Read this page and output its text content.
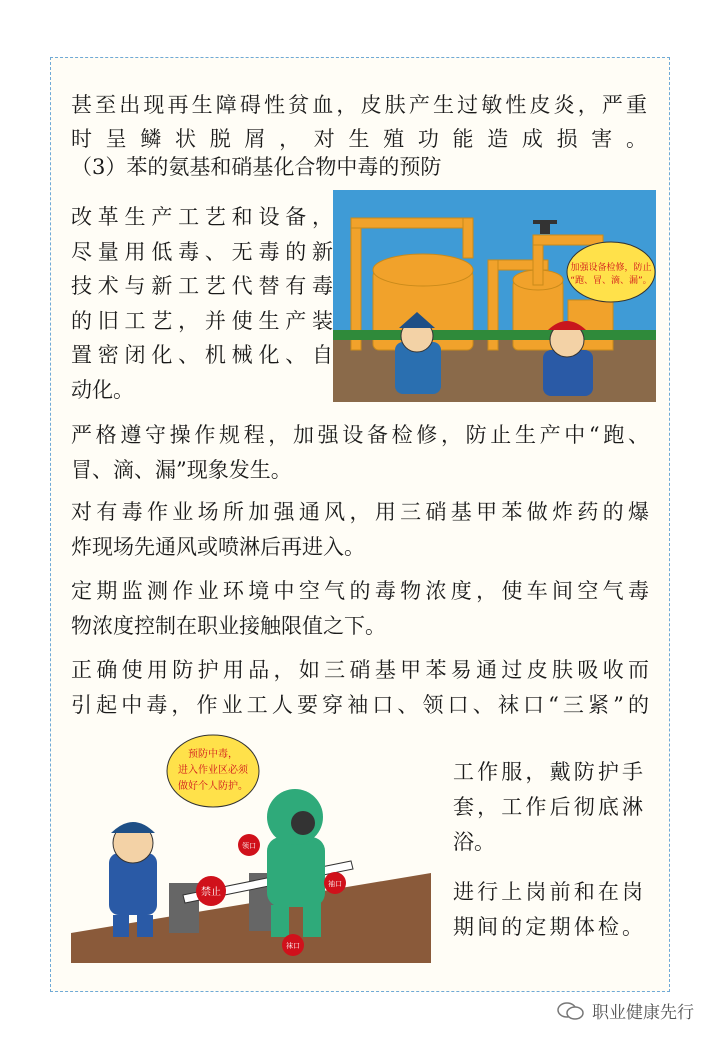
甚至出现再生障碍性贫血，皮肤产生过敏性皮炎，严重
时呈鳞状脱屑，对生殖功能造成损害。

（3）苯的氨基和硝基化合物中毒的预防

改革生产工艺和设备，
尽量用低毒、无毒的新
技术与新工艺代替有毒
的旧工艺，并使生产装
置密闭化、机械化、自
动化。

加强设备检修，防止
“跑、冒、滴、漏”。

严格遵守操作规程，加强设备检修，防止生产中“跑、
冒、滴、漏”现象发生。

对有毒作业场所加强通风，用三硝基甲苯做炸药的爆
炸现场先通风或喷淋后再进入。

定期监测作业环境中空气的毒物浓度，使车间空气毒
物浓度控制在职业接触限值之下。

正确使用防护用品，如三硝基甲苯易通过皮肤吸收而
引起中毒，作业工人要穿袖口、领口、袜口“三紧”的

预防中毒，
进入作业区必须
做好个人防护。
禁止
领口
袖口
袜口

工作服，戴防护手
套，工作后彻底淋
浴。

进行上岗前和在岗
期间的定期体检。

职业健康先行
